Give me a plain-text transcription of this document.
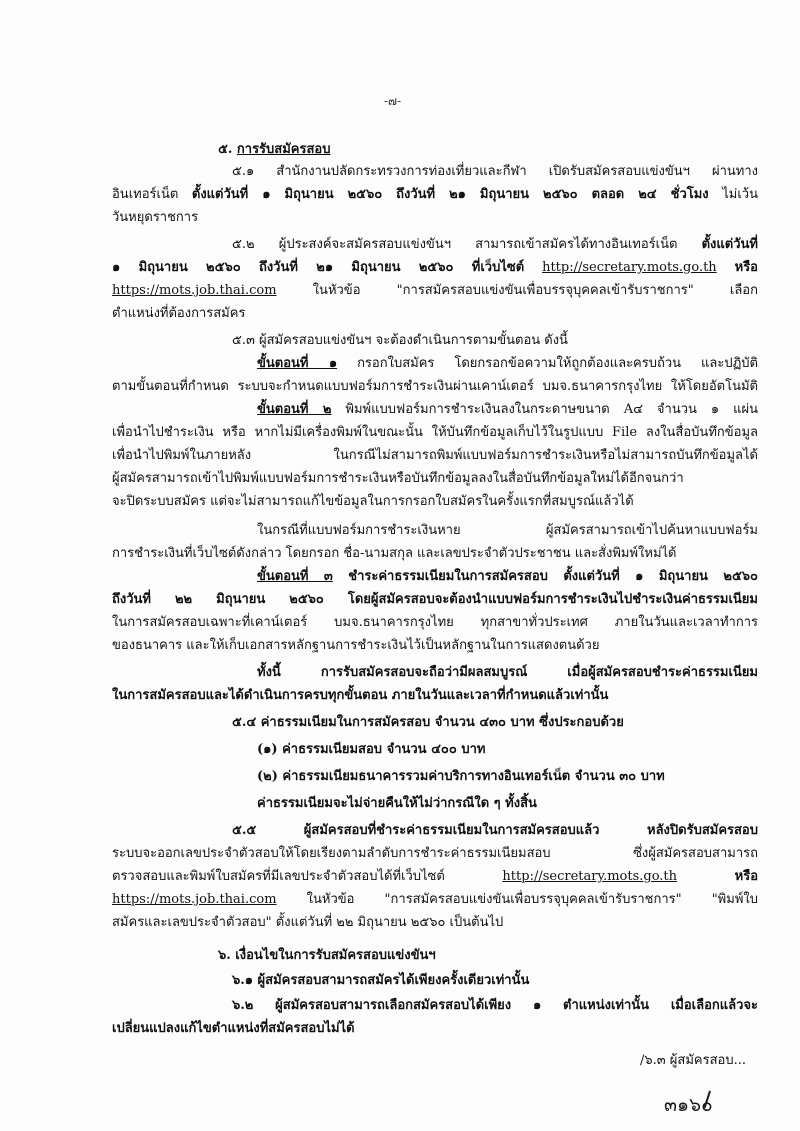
-๗-
๕. การรับสมัครสอบ
๕.๑ สำนักงานปลัดกระทรวงการท่องเที่ยวและกีฬา เปิดรับสมัครสอบแข่งขันฯ ผ่านทาง
อินเทอร์เน็ต ตั้งแต่วันที่ ๑ มิถุนายน ๒๕๖๐ ถึงวันที่ ๒๑ มิถุนายน ๒๕๖๐ ตลอด ๒๔ ชั่วโมง ไม่เว้น
วันหยุดราชการ
๕.๒ ผู้ประสงค์จะสมัครสอบแข่งขันฯ สามารถเข้าสมัครได้ทางอินเทอร์เน็ต ตั้งแต่วันที่
๑ มิถุนายน ๒๕๖๐ ถึงวันที่ ๒๑ มิถุนายน ๒๕๖๐ ที่เว็บไซต์ http://secretary.mots.go.th หรือ
https://mots.job.thai.com	ในหัวข้อ "การสมัครสอบแข่งขันเพื่อบรรจุบุคคลเข้ารับราชการ" เลือก
ตำแหน่งที่ต้องการสมัคร
๕.๓ ผู้สมัครสอบแข่งขันฯ จะต้องดำเนินการตามขั้นตอน ดังนี้
ขั้นตอนที่ ๑ กรอกใบสมัคร โดยกรอกข้อความให้ถูกต้องและครบถ้วน และปฏิบัติ
ตามขั้นตอนที่กำหนด ระบบจะกำหนดแบบฟอร์มการชำระเงินผ่านเคาน์เตอร์ บมจ.ธนาคารกรุงไทย ให้โดยอัตโนมัติ
ขั้นตอนที่ ๒ พิมพ์แบบฟอร์มการชำระเงินลงในกระดาษขนาด A๔ จำนวน ๑ แผ่น
เพื่อนำไปชำระเงิน หรือ หากไม่มีเครื่องพิมพ์ในขณะนั้น ให้บันทึกข้อมูลเก็บไว้ในรูปแบบ File ลงในสื่อบันทึกข้อมูล
เพื่อนำไปพิมพ์ในภายหลัง ในกรณีไม่สามารถพิมพ์แบบฟอร์มการชำระเงินหรือไม่สามารถบันทึกข้อมูลได้
ผู้สมัครสามารถเข้าไปพิมพ์แบบฟอร์มการชำระเงินหรือบันทึกข้อมูลลงในสื่อบันทึกข้อมูลใหม่ได้อีกจนกว่า
จะปิดระบบสมัคร แต่จะไม่สามารถแก้ไขข้อมูลในการกรอกใบสมัครในครั้งแรกที่สมบูรณ์แล้วได้
ในกรณีที่แบบฟอร์มการชำระเงินหาย ผู้สมัครสามารถเข้าไปค้นหาแบบฟอร์ม
การชำระเงินที่เว็บไซต์ดังกล่าว โดยกรอก ชื่อ-นามสกุล และเลขประจำตัวประชาชน และสั่งพิมพ์ใหม่ได้
ขั้นตอนที่ ๓ ชำระค่าธรรมเนียมในการสมัครสอบ ตั้งแต่วันที่ ๑ มิถุนายน ๒๕๖๐
ถึงวันที่ ๒๒ มิถุนายน ๒๕๖๐ โดยผู้สมัครสอบจะต้องนำแบบฟอร์มการชำระเงินไปชำระเงินค่าธรรมเนียม
ในการสมัครสอบเฉพาะที่เคาน์เตอร์ บมจ.ธนาคารกรุงไทย ทุกสาขาทั่วประเทศ ภายในวันและเวลาทำการ
ของธนาคาร และให้เก็บเอกสารหลักฐานการชำระเงินไว้เป็นหลักฐานในการแสดงตนด้วย
ทั้งนี้ การรับสมัครสอบจะถือว่ามีผลสมบูรณ์ เมื่อผู้สมัครสอบชำระค่าธรรมเนียม
ในการสมัครสอบและได้ดำเนินการครบทุกขั้นตอน ภายในวันและเวลาที่กำหนดแล้วเท่านั้น
๕.๔ ค่าธรรมเนียมในการสมัครสอบ จำนวน ๔๓๐ บาท ซึ่งประกอบด้วย
(๑) ค่าธรรมเนียมสอบ จำนวน ๔๐๐ บาท
(๒) ค่าธรรมเนียมธนาคารรวมค่าบริการทางอินเทอร์เน็ต จำนวน ๓๐ บาท
ค่าธรรมเนียมจะไม่จ่ายคืนให้ไม่ว่ากรณีใด ๆ ทั้งสิ้น
๕.๕ ผู้สมัครสอบที่ชำระค่าธรรมเนียมในการสมัครสอบแล้ว หลังปิดรับสมัครสอบ
ระบบจะออกเลขประจำตัวสอบให้โดยเรียงตามลำดับการชำระค่าธรรมเนียมสอบ ซึ่งผู้สมัครสอบสามารถ
ตรวจสอบและพิมพ์ใบสมัครที่มีเลขประจำตัวสอบได้ที่เว็บไซต์	http://secretary.mots.go.th	หรือ
https://mots.job.thai.com ในหัวข้อ "การสมัครสอบแข่งขันเพื่อบรรจุบุคคลเข้ารับราชการ" "พิมพ์ใบ
สมัครและเลขประจำตัวสอบ" ตั้งแต่วันที่ ๒๒ มิถุนายน ๒๕๖๐ เป็นต้นไป
๖. เงื่อนไขในการรับสมัครสอบแข่งขันฯ
๖.๑ ผู้สมัครสอบสามารถสมัครได้เพียงครั้งเดียวเท่านั้น
๖.๒ ผู้สมัครสอบสามารถเลือกสมัครสอบได้เพียง ๑ ตำแหน่งเท่านั้น เมื่อเลือกแล้วจะ
เปลี่ยนแปลงแก้ไขตำแหน่งที่สมัครสอบไม่ได้
/๖.๓ ผู้สมัครสอบ...
๓๑๖๐
